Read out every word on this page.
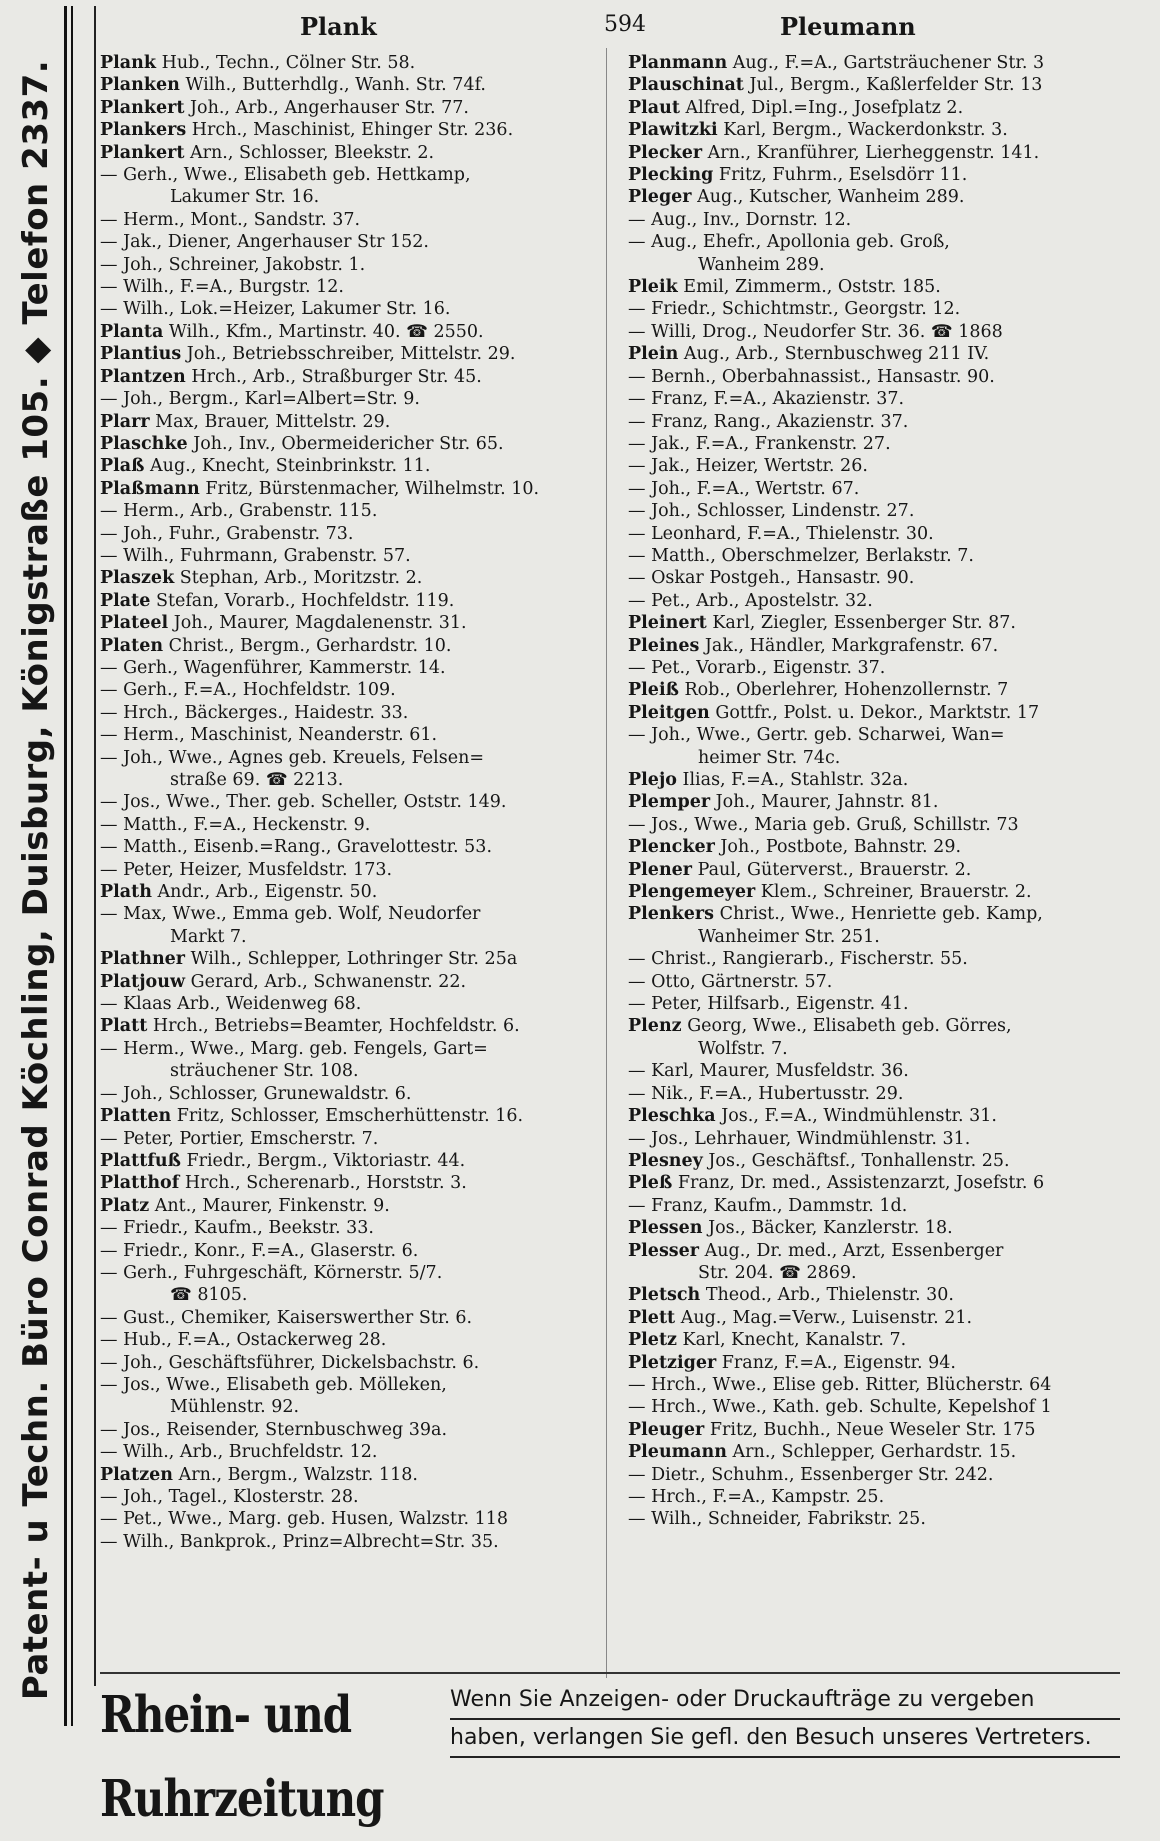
Patent- u Techn. Büro Conrad Köchling, Duisburg, Königstraße 105. ◆ Telefon 2337.
Plank	594	Pleumann
Plank Hub., Techn., Cölner Str. 58.
Planken Wilh., Butterhdlg., Wanh. Str. 74f.
Plankert Joh., Arb., Angerhauser Str. 77.
Plankers Hrch., Maschinist, Ehinger Str. 236.
Plankert Arn., Schlosser, Bleekstr. 2.
— Gerh., Wwe., Elisabeth geb. Hettkamp,
Lakumer Str. 16.
— Herm., Mont., Sandstr. 37.
— Jak., Diener, Angerhauser Str 152.
— Joh., Schreiner, Jakobstr. 1.
— Wilh., F.=A., Burgstr. 12.
— Wilh., Lok.=Heizer, Lakumer Str. 16.
Planta Wilh., Kfm., Martinstr. 40. ☎ 2550.
Plantius Joh., Betriebsschreiber, Mittelstr. 29.
Plantzen Hrch., Arb., Straßburger Str. 45.
— Joh., Bergm., Karl=Albert=Str. 9.
Plarr Max, Brauer, Mittelstr. 29.
Plaschke Joh., Inv., Obermeidericher Str. 65.
Plaß Aug., Knecht, Steinbrinkstr. 11.
Plaßmann Fritz, Bürstenmacher, Wilhelmstr. 10.
— Herm., Arb., Grabenstr. 115.
— Joh., Fuhr., Grabenstr. 73.
— Wilh., Fuhrmann, Grabenstr. 57.
Plaszek Stephan, Arb., Moritzstr. 2.
Plate Stefan, Vorarb., Hochfeldstr. 119.
Plateel Joh., Maurer, Magdalenenstr. 31.
Platen Christ., Bergm., Gerhardstr. 10.
— Gerh., Wagenführer, Kammerstr. 14.
— Gerh., F.=A., Hochfeldstr. 109.
— Hrch., Bäckerges., Haidestr. 33.
— Herm., Maschinist, Neanderstr. 61.
— Joh., Wwe., Agnes geb. Kreuels, Felsen=
straße 69. ☎ 2213.
— Jos., Wwe., Ther. geb. Scheller, Oststr. 149.
— Matth., F.=A., Heckenstr. 9.
— Matth., Eisenb.=Rang., Gravelottestr. 53.
— Peter, Heizer, Musfeldstr. 173.
Plath Andr., Arb., Eigenstr. 50.
— Max, Wwe., Emma geb. Wolf, Neudorfer
Markt 7.
Plathner Wilh., Schlepper, Lothringer Str. 25a
Platjouw Gerard, Arb., Schwanenstr. 22.
— Klaas Arb., Weidenweg 68.
Platt Hrch., Betriebs=Beamter, Hochfeldstr. 6.
— Herm., Wwe., Marg. geb. Fengels, Gart=
sträuchener Str. 108.
— Joh., Schlosser, Grunewaldstr. 6.
Platten Fritz, Schlosser, Emscherhüttenstr. 16.
— Peter, Portier, Emscherstr. 7.
Plattfuß Friedr., Bergm., Viktoriastr. 44.
Platthof Hrch., Scherenarb., Horststr. 3.
Platz Ant., Maurer, Finkenstr. 9.
— Friedr., Kaufm., Beekstr. 33.
— Friedr., Konr., F.=A., Glaserstr. 6.
— Gerh., Fuhrgeschäft, Körnerstr. 5/7.
☎ 8105.
— Gust., Chemiker, Kaiserswerther Str. 6.
— Hub., F.=A., Ostackerweg 28.
— Joh., Geschäftsführer, Dickelsbachstr. 6.
— Jos., Wwe., Elisabeth geb. Mölleken,
Mühlenstr. 92.
— Jos., Reisender, Sternbuschweg 39a.
— Wilh., Arb., Bruchfeldstr. 12.
Platzen Arn., Bergm., Walzstr. 118.
— Joh., Tagel., Klosterstr. 28.
— Pet., Wwe., Marg. geb. Husen, Walzstr. 118
— Wilh., Bankprok., Prinz=Albrecht=Str. 35.
Planmann Aug., F.=A., Gartsträuchener Str. 3
Plauschinat Jul., Bergm., Kaßlerfelder Str. 13
Plaut Alfred, Dipl.=Ing., Josefplatz 2.
Plawitzki Karl, Bergm., Wackerdonkstr. 3.
Plecker Arn., Kranführer, Lierheggenstr. 141.
Plecking Fritz, Fuhrm., Eselsdörr 11.
Pleger Aug., Kutscher, Wanheim 289.
— Aug., Inv., Dornstr. 12.
— Aug., Ehefr., Apollonia geb. Groß,
Wanheim 289.
Pleik Emil, Zimmerm., Oststr. 185.
— Friedr., Schichtmstr., Georgstr. 12.
— Willi, Drog., Neudorfer Str. 36. ☎ 1868
Plein Aug., Arb., Sternbuschweg 211 IV.
— Bernh., Oberbahnassist., Hansastr. 90.
— Franz, F.=A., Akazienstr. 37.
— Franz, Rang., Akazienstr. 37.
— Jak., F.=A., Frankenstr. 27.
— Jak., Heizer, Wertstr. 26.
— Joh., F.=A., Wertstr. 67.
— Joh., Schlosser, Lindenstr. 27.
— Leonhard, F.=A., Thielenstr. 30.
— Matth., Oberschmelzer, Berlakstr. 7.
— Oskar Postgeh., Hansastr. 90.
— Pet., Arb., Apostelstr. 32.
Pleinert Karl, Ziegler, Essenberger Str. 87.
Pleines Jak., Händler, Markgrafenstr. 67.
— Pet., Vorarb., Eigenstr. 37.
Pleiß Rob., Oberlehrer, Hohenzollernstr. 7
Pleitgen Gottfr., Polst. u. Dekor., Marktstr. 17
— Joh., Wwe., Gertr. geb. Scharwei, Wan=
heimer Str. 74c.
Plejo Ilias, F.=A., Stahlstr. 32a.
Plemper Joh., Maurer, Jahnstr. 81.
— Jos., Wwe., Maria geb. Gruß, Schillstr. 73
Plencker Joh., Postbote, Bahnstr. 29.
Plener Paul, Güterverst., Brauerstr. 2.
Plengemeyer Klem., Schreiner, Brauerstr. 2.
Plenkers Christ., Wwe., Henriette geb. Kamp,
Wanheimer Str. 251.
— Christ., Rangierarb., Fischerstr. 55.
— Otto, Gärtnerstr. 57.
— Peter, Hilfsarb., Eigenstr. 41.
Plenz Georg, Wwe., Elisabeth geb. Görres,
Wolfstr. 7.
— Karl, Maurer, Musfeldstr. 36.
— Nik., F.=A., Hubertusstr. 29.
Pleschka Jos., F.=A., Windmühlenstr. 31.
— Jos., Lehrhauer, Windmühlenstr. 31.
Plesney Jos., Geschäftsf., Tonhallenstr. 25.
Pleß Franz, Dr. med., Assistenzarzt, Josefstr. 6
— Franz, Kaufm., Dammstr. 1d.
Plessen Jos., Bäcker, Kanzlerstr. 18.
Plesser Aug., Dr. med., Arzt, Essenberger
Str. 204. ☎ 2869.
Pletsch Theod., Arb., Thielenstr. 30.
Plett Aug., Mag.=Verw., Luisenstr. 21.
Pletz Karl, Knecht, Kanalstr. 7.
Pletziger Franz, F.=A., Eigenstr. 94.
— Hrch., Wwe., Elise geb. Ritter, Blücherstr. 64
— Hrch., Wwe., Kath. geb. Schulte, Kepelshof 1
Pleuger Fritz, Buchh., Neue Weseler Str. 175
Pleumann Arn., Schlepper, Gerhardstr. 15.
— Dietr., Schuhm., Essenberger Str. 242.
— Hrch., F.=A., Kampstr. 25.
— Wilh., Schneider, Fabrikstr. 25.
Rhein- und Ruhrzeitung
Wenn Sie Anzeigen- oder Druckaufträge zu vergeben
haben, verlangen Sie gefl. den Besuch unseres Vertreters.
